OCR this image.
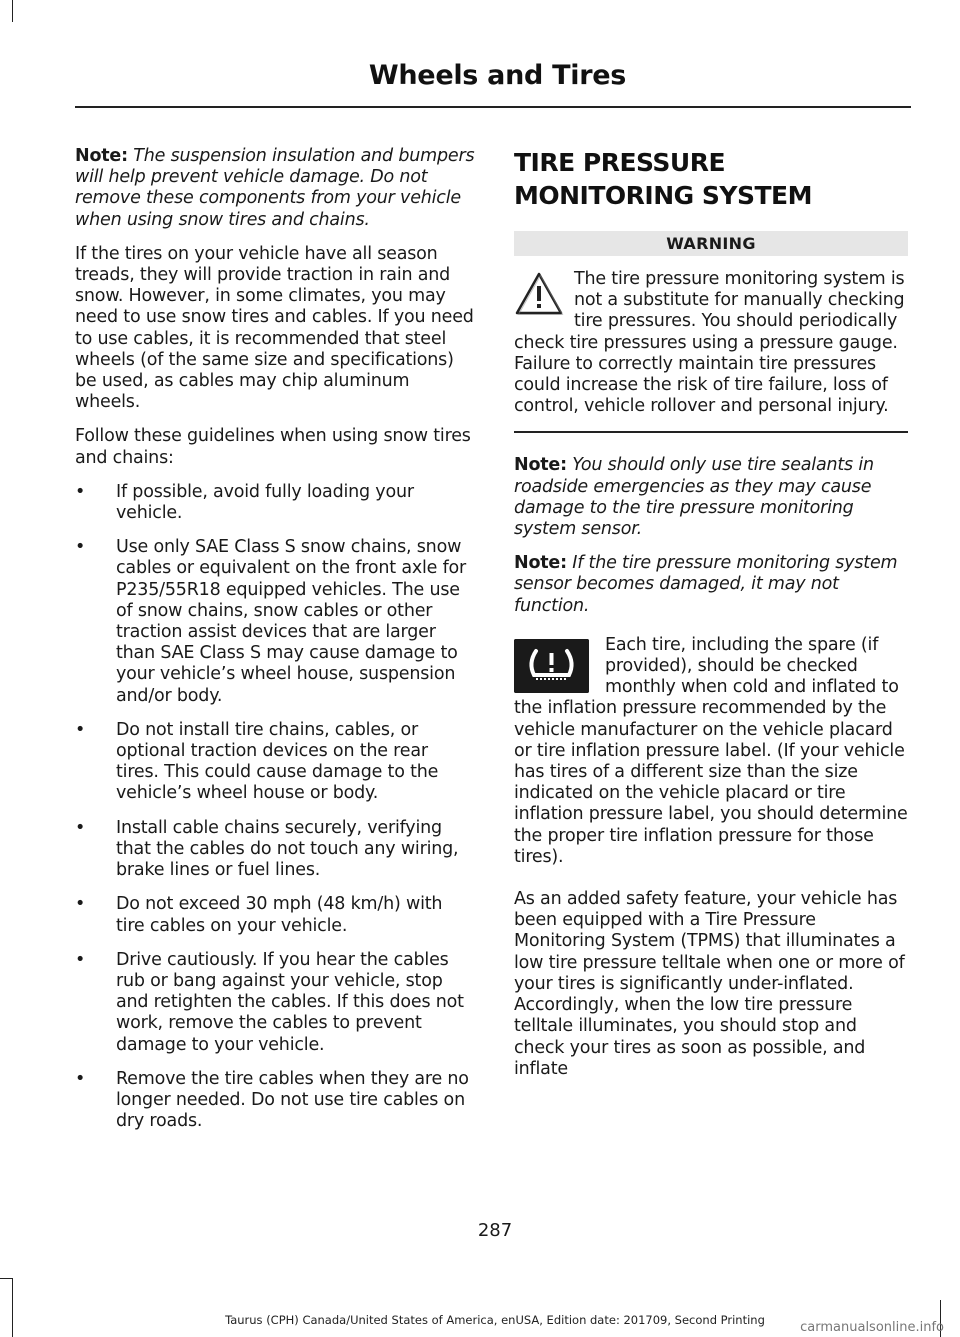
Wheels and Tires

Note: The suspension insulation and bumpers will help prevent vehicle damage. Do not remove these components from your vehicle when using snow tires and chains.

If the tires on your vehicle have all season treads, they will provide traction in rain and snow. However, in some climates, you may need to use snow tires and cables. If you need to use cables, it is recommended that steel wheels (of the same size and specifications) be used, as cables may chip aluminum wheels.

Follow these guidelines when using snow tires and chains:

• If possible, avoid fully loading your vehicle.
• Use only SAE Class S snow chains, snow cables or equivalent on the front axle for P235/55R18 equipped vehicles. The use of snow chains, snow cables or other traction assist devices that are larger than SAE Class S may cause damage to your vehicle’s wheel house, suspension and/or body.
• Do not install tire chains, cables, or optional traction devices on the rear tires. This could cause damage to the vehicle’s wheel house or body.
• Install cable chains securely, verifying that the cables do not touch any wiring, brake lines or fuel lines.
• Do not exceed 30 mph (48 km/h) with tire cables on your vehicle.
• Drive cautiously. If you hear the cables rub or bang against your vehicle, stop and retighten the cables. If this does not work, remove the cables to prevent damage to your vehicle.
• Remove the tire cables when they are no longer needed. Do not use tire cables on dry roads.
TIRE PRESSURE MONITORING SYSTEM
WARNING
The tire pressure monitoring system is not a substitute for manually checking tire pressures. You should periodically check tire pressures using a pressure gauge. Failure to correctly maintain tire pressures could increase the risk of tire failure, loss of control, vehicle rollover and personal injury.

Note: You should only use tire sealants in roadside emergencies as they may cause damage to the tire pressure monitoring system sensor.

Note: If the tire pressure monitoring system sensor becomes damaged, it may not function.

Each tire, including the spare (if provided), should be checked monthly when cold and inflated to the inflation pressure recommended by the vehicle manufacturer on the vehicle placard or tire inflation pressure label. (If your vehicle has tires of a different size than the size indicated on the vehicle placard or tire inflation pressure label, you should determine the proper tire inflation pressure for those tires).

As an added safety feature, your vehicle has been equipped with a Tire Pressure Monitoring System (TPMS) that illuminates a low tire pressure telltale when one or more of your tires is significantly under-inflated. Accordingly, when the low tire pressure telltale illuminates, you should stop and check your tires as soon as possible, and inflate

287
Taurus (CPH) Canada/United States of America, enUSA, Edition date: 201709, Second Printing	carmanualsonline.info
